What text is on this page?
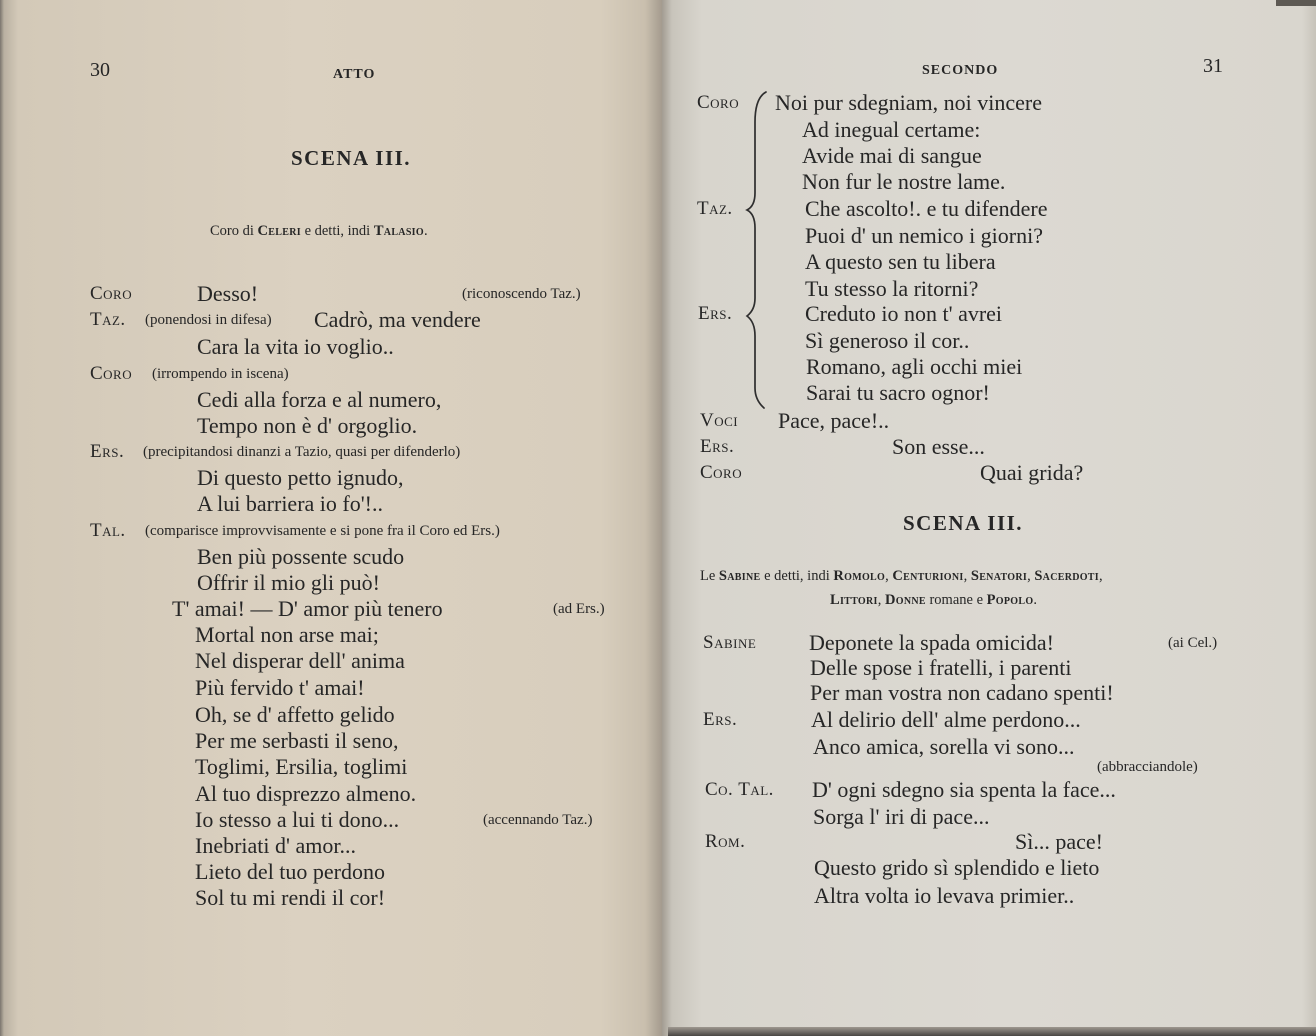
30	ATTO
SCENA III.
Coro di Celeri e detti, indi Talasio.
Coro	Desso!	(riconoscendo Taz.)
Taz. (ponendosi in difesa) Cadrò, ma vendere
Cara la vita io voglio..
Coro (irrompendo in iscena)
Cedi alla forza e al numero,
Tempo non è d' orgoglio.
Ers. (precipitandosi dinanzi a Tazio, quasi per difenderlo)
Di questo petto ignudo,
A lui barriera io fo'!..
Tal. (comparisce improvvisamente e si pone fra il Coro ed Ers.)
Ben più possente scudo
Offrir il mio gli può!
T' amai! — D' amor più tenero	(ad Ers.)
Mortal non arse mai;
Nel disperar dell' anima
Più fervido t' amai!
Oh, se d' affetto gelido
Per me serbasti il seno,
Toglimi, Ersilia, toglimi
Al tuo disprezzo almeno.
Io stesso a lui ti dono...	(accennando Taz.)
Inebriati d' amor...
Lieto del tuo perdono
Sol tu mi rendi il cor!
SECONDO	31
Coro Noi pur sdegniam, noi vincere
Ad inegual certame:
Avide mai di sangue
Non fur le nostre lame.
Taz.	Che ascolto!. e tu difendere
Puoi d' un nemico i giorni?
A questo sen tu libera
Tu stesso la ritorni?
Ers.	Creduto io non t' avrei
Sì generoso il cor..
Romano, agli occhi miei
Sarai tu sacro ognor!
Voci Pace, pace!..
Ers.	Son esse...
Coro	Quai grida?
SCENA III.
Le Sabine e detti, indi Romolo, Centurioni, Senatori, Sacerdoti,
Littori, Donne romane e Popolo.
Sabine Deponete la spada omicida!	(ai Cel.)
Delle spose i fratelli, i parenti
Per man vostra non cadano spenti!
Ers.	Al delirio dell' alme perdono...
Anco amica, sorella vi sono...
(abbracciandole)
Co. Tal. D' ogni sdegno sia spenta la face...
Sorga l' iri di pace...
Rom.	Sì... pace!
Questo grido sì splendido e lieto
Altra volta io levava primier..
